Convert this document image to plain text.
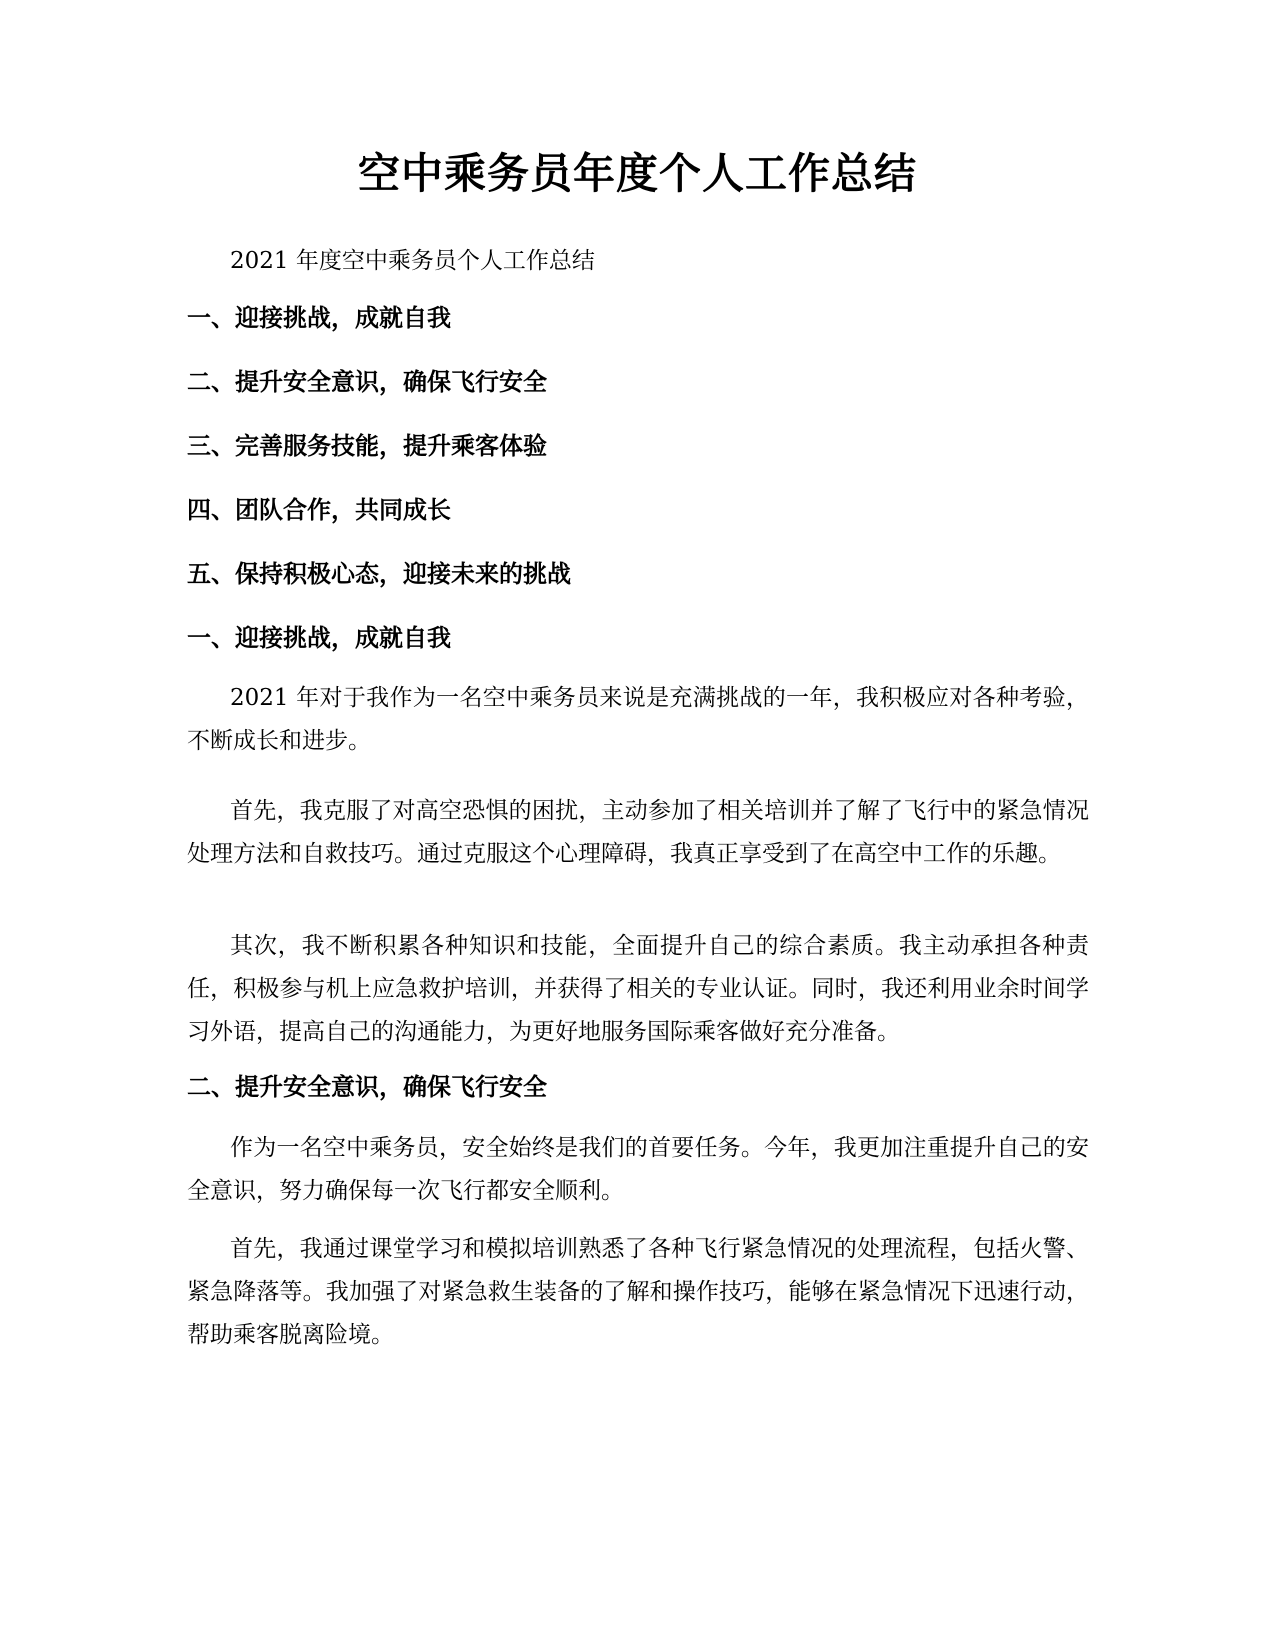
空中乘务员年度个人工作总结

2021 年度空中乘务员个人工作总结

一、迎接挑战，成就自我
二、提升安全意识，确保飞行安全
三、完善服务技能，提升乘客体验
四、团队合作，共同成长
五、保持积极心态，迎接未来的挑战
一、迎接挑战，成就自我

2021 年对于我作为一名空中乘务员来说是充满挑战的一年，我积极应对各种考验，不断成长和进步。

首先，我克服了对高空恐惧的困扰，主动参加了相关培训并了解了飞行中的紧急情况处理方法和自救技巧。通过克服这个心理障碍，我真正享受到了在高空中工作的乐趣。

其次，我不断积累各种知识和技能，全面提升自己的综合素质。我主动承担各种责任，积极参与机上应急救护培训，并获得了相关的专业认证。同时，我还利用业余时间学习外语，提高自己的沟通能力，为更好地服务国际乘客做好充分准备。

二、提升安全意识，确保飞行安全

作为一名空中乘务员，安全始终是我们的首要任务。今年，我更加注重提升自己的安全意识，努力确保每一次飞行都安全顺利。

首先，我通过课堂学习和模拟培训熟悉了各种飞行紧急情况的处理流程，包括火警、紧急降落等。我加强了对紧急救生装备的了解和操作技巧，能够在紧急情况下迅速行动，帮助乘客脱离险境。
